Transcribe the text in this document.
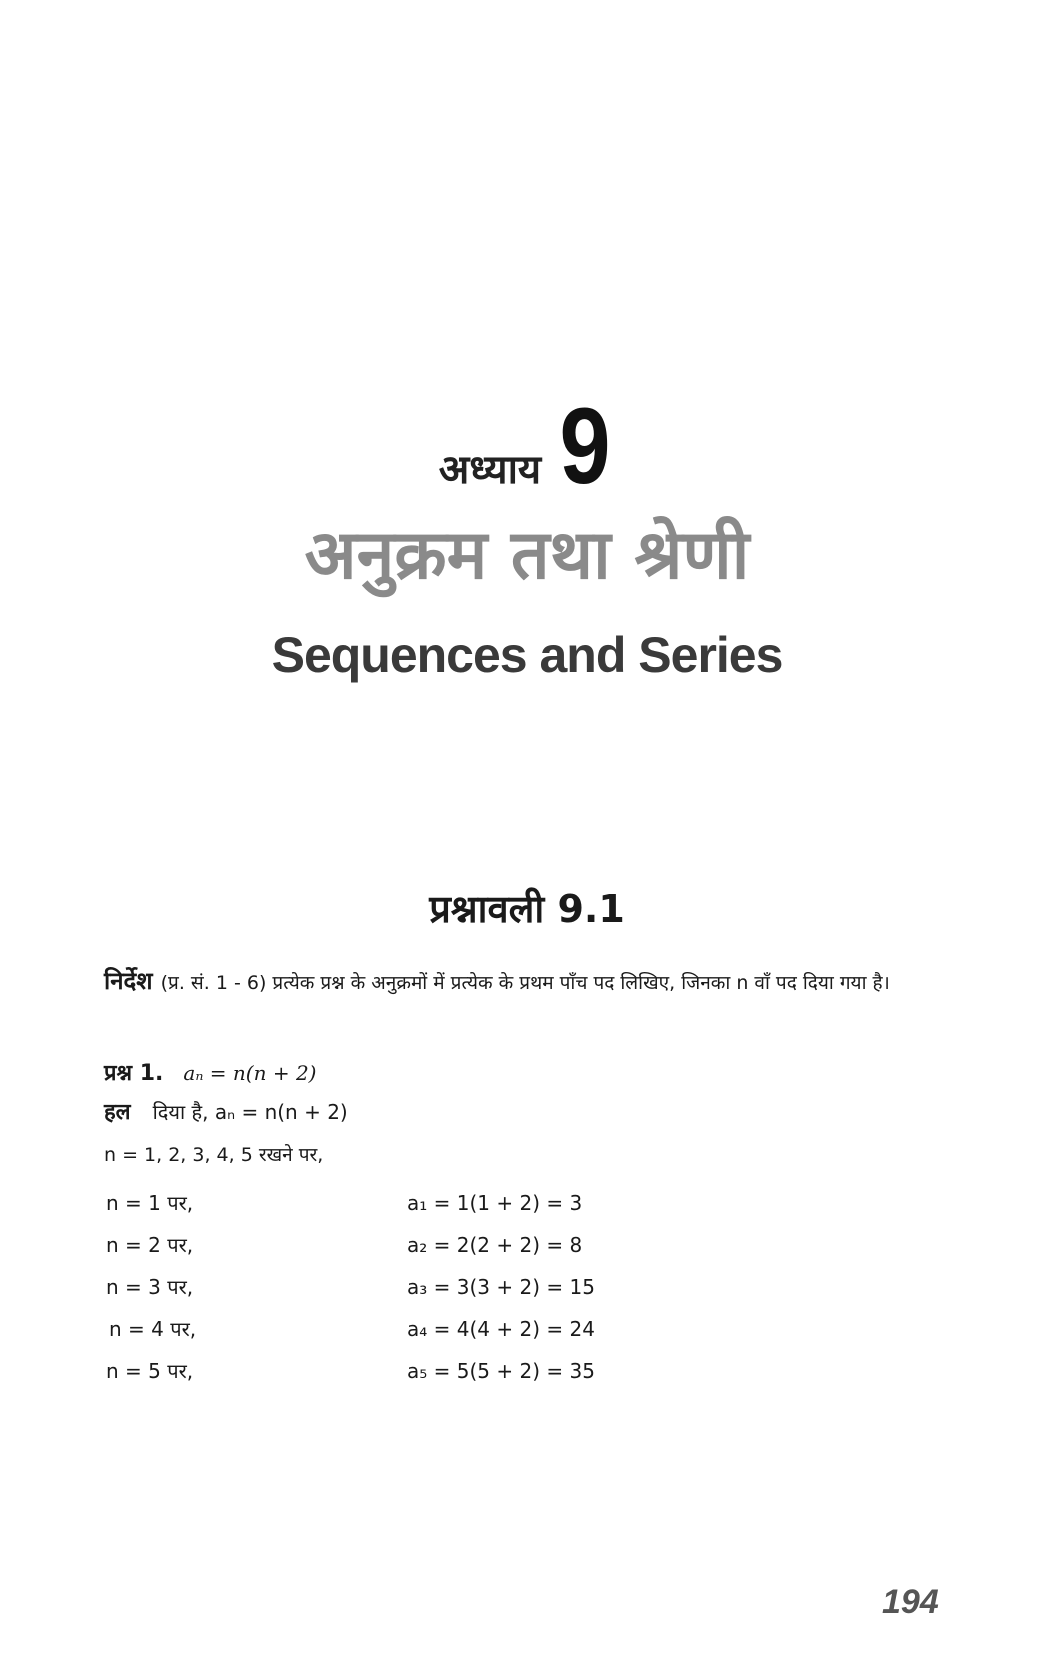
अध्याय 9
अनुक्रम तथा श्रेणी
Sequences and Series
प्रश्नावली 9.1
निर्देश (प्र. सं. 1 - 6) प्रत्येक प्रश्न के अनुक्रमों में प्रत्येक के प्रथम पाँच पद लिखिए, जिनका n वाँ पद दिया गया है।
प्रश्न 1. aₙ = n(n + 2)
हल दिया है, aₙ = n(n + 2)
n = 1, 2, 3, 4, 5 रखने पर,
n = 1 पर,	a₁ = 1(1 + 2) = 3
n = 2 पर,	a₂ = 2(2 + 2) = 8
n = 3 पर,	a₃ = 3(3 + 2) = 15
n = 4 पर,	a₄ = 4(4 + 2) = 24
n = 5 पर,	a₅ = 5(5 + 2) = 35
194
